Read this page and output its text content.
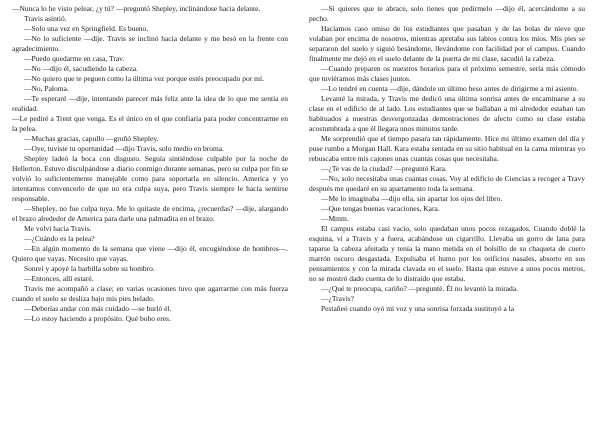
—Nunca lo he visto pelear, ¿y tú? —preguntó Shepley, inclinándose hacia delante.

Travis asintió.

—Solo una vez en Springfield. Es bueno.

—No lo suficiente —dije. Travis se inclinó hacia delante y me besó en la frente con agradecimiento.

—Puedo quedarme en casa, Trav.

—No —dijo él, sacudiendo la cabeza.

—No quiero que te peguen como la última vez porque estés preocupado por mí.

—No, Paloma.

—Te esperaré —dije, intentando parecer más feliz ante la idea de lo que me sentía en realidad.

—Le pediré a Trent que venga. Es el único en el que confiaría para poder concentrarme en la pelea.

—Muchas gracias, capullo —gruñó Shepley.

—Oye, tuviste tu oportunidad —dijo Travis, solo medio en broma.

Shepley ladeó la boca con disgusto. Seguía sintiéndose culpable por la noche de Hellerton. Estuvo disculpándose a diario conmigo durante semanas, pero su culpa por fin se volvió lo suficientemente manejable como para soportarla en silencio. America y yo intentamos convencerlo de que no era culpa suya, pero Travis siempre le hacía sentirse responsable.

—Shepley, no fue culpa tuya. Me lo quitaste de encima, ¿recuerdas? —dije, alargando el brazo alrededor de America para darle una palmadita en el brazo.

Me volví hacia Travis.

—¿Cuándo es la pelea?

—En algún momento de la semana que viene —dijo él, encogiéndose de hombros—. Quiero que vayas. Necesito que vayas.

Sonreí y apoyé la barbilla sobre su hombro.

—Entonces, allí estaré.

Travis me acompañó a clase; en varias ocasiones tuvo que agarrarme con más fuerza cuando el suelo se desliza bajo mis pies helado.

—Deberías andar con más cuidado —se burló él.

—Lo estoy haciendo a propósito. Qué bobo eres.

—Si quieres que te abrace, solo tienes que pedírmelo —dijo él, acercándome a su pecho.

Hacíamos caso omiso de los estudiantes que pasaban y de las bolas de nieve que volaban por encima de nosotros, mientras apretaba sus labios contra los míos. Mis pies se separaron del suelo y siguió besándome, llevándome con facilidad por el campus. Cuando finalmente me dejó en el suelo delante de la puerta de mi clase, sacudió la cabeza.

—Cuando preparen os nuestros horarios para el próximo semestre, sería más cómodo que tuviéramos más clases juntos.

—Lo tendré en cuenta —dije, dándole un último beso antes de dirigirme a mi asiento.

Levanté la mirada, y Travis me dedicó una última sonrisa antes de encaminarse a su clase en el edificio de al lado. Los estudiantes que se hallaban a mi alrededor estaban tan habituados a nuestras desvergonzadas demostraciones de afecto como su clase estaba acostumbrada a que él llegara unos minutos tarde.

Me sorprendió que el tiempo pasara tan rápidamente. Hice mi último examen del día y puse rumbo a Morgan Hall. Kara estaba sentada en su sitio habitual en la cama mientras yo rebuscaba entre mis cajones unas cuantas cosas que necesitaba.

—¿Te vas de la ciudad? —preguntó Kara.

—No, solo necesitaba unas cuantas cosas. Voy al edificio de Ciencias a recoger a Travy después me quedaré en su apartamento toda la semana.

—Me lo imaginaba —dijo ella, sin apartar los ojos del libro.

—Que tengas buenas vacaciones, Kara.

—Mmm.

El campus estaba casi vacío, solo quedaban unos pocos rezagados. Cuando doblé la esquina, vi a Travis y a fuera, acabándose un cigarrillo. Llevaba un gorro de lana para taparse la cabeza afeitada y tenía la mano metida en el bolsillo de su chaqueta de cuero marrón oscuro desgastada. Expulsaba el humo por los orificios nasales, absorto en sus pensamientos y con la mirada clavada en el suelo. Hasta que estuve a unos pocos metros, no se mostró dado cuenta de lo distraído que estaba.

—¿Qué te preocupa, cariño? —pregunté. Él no levantó la mirada.

—¿Travis?

Pestañeó cuando oyó mi voz y una sonrisa forzada sustituyó a la
